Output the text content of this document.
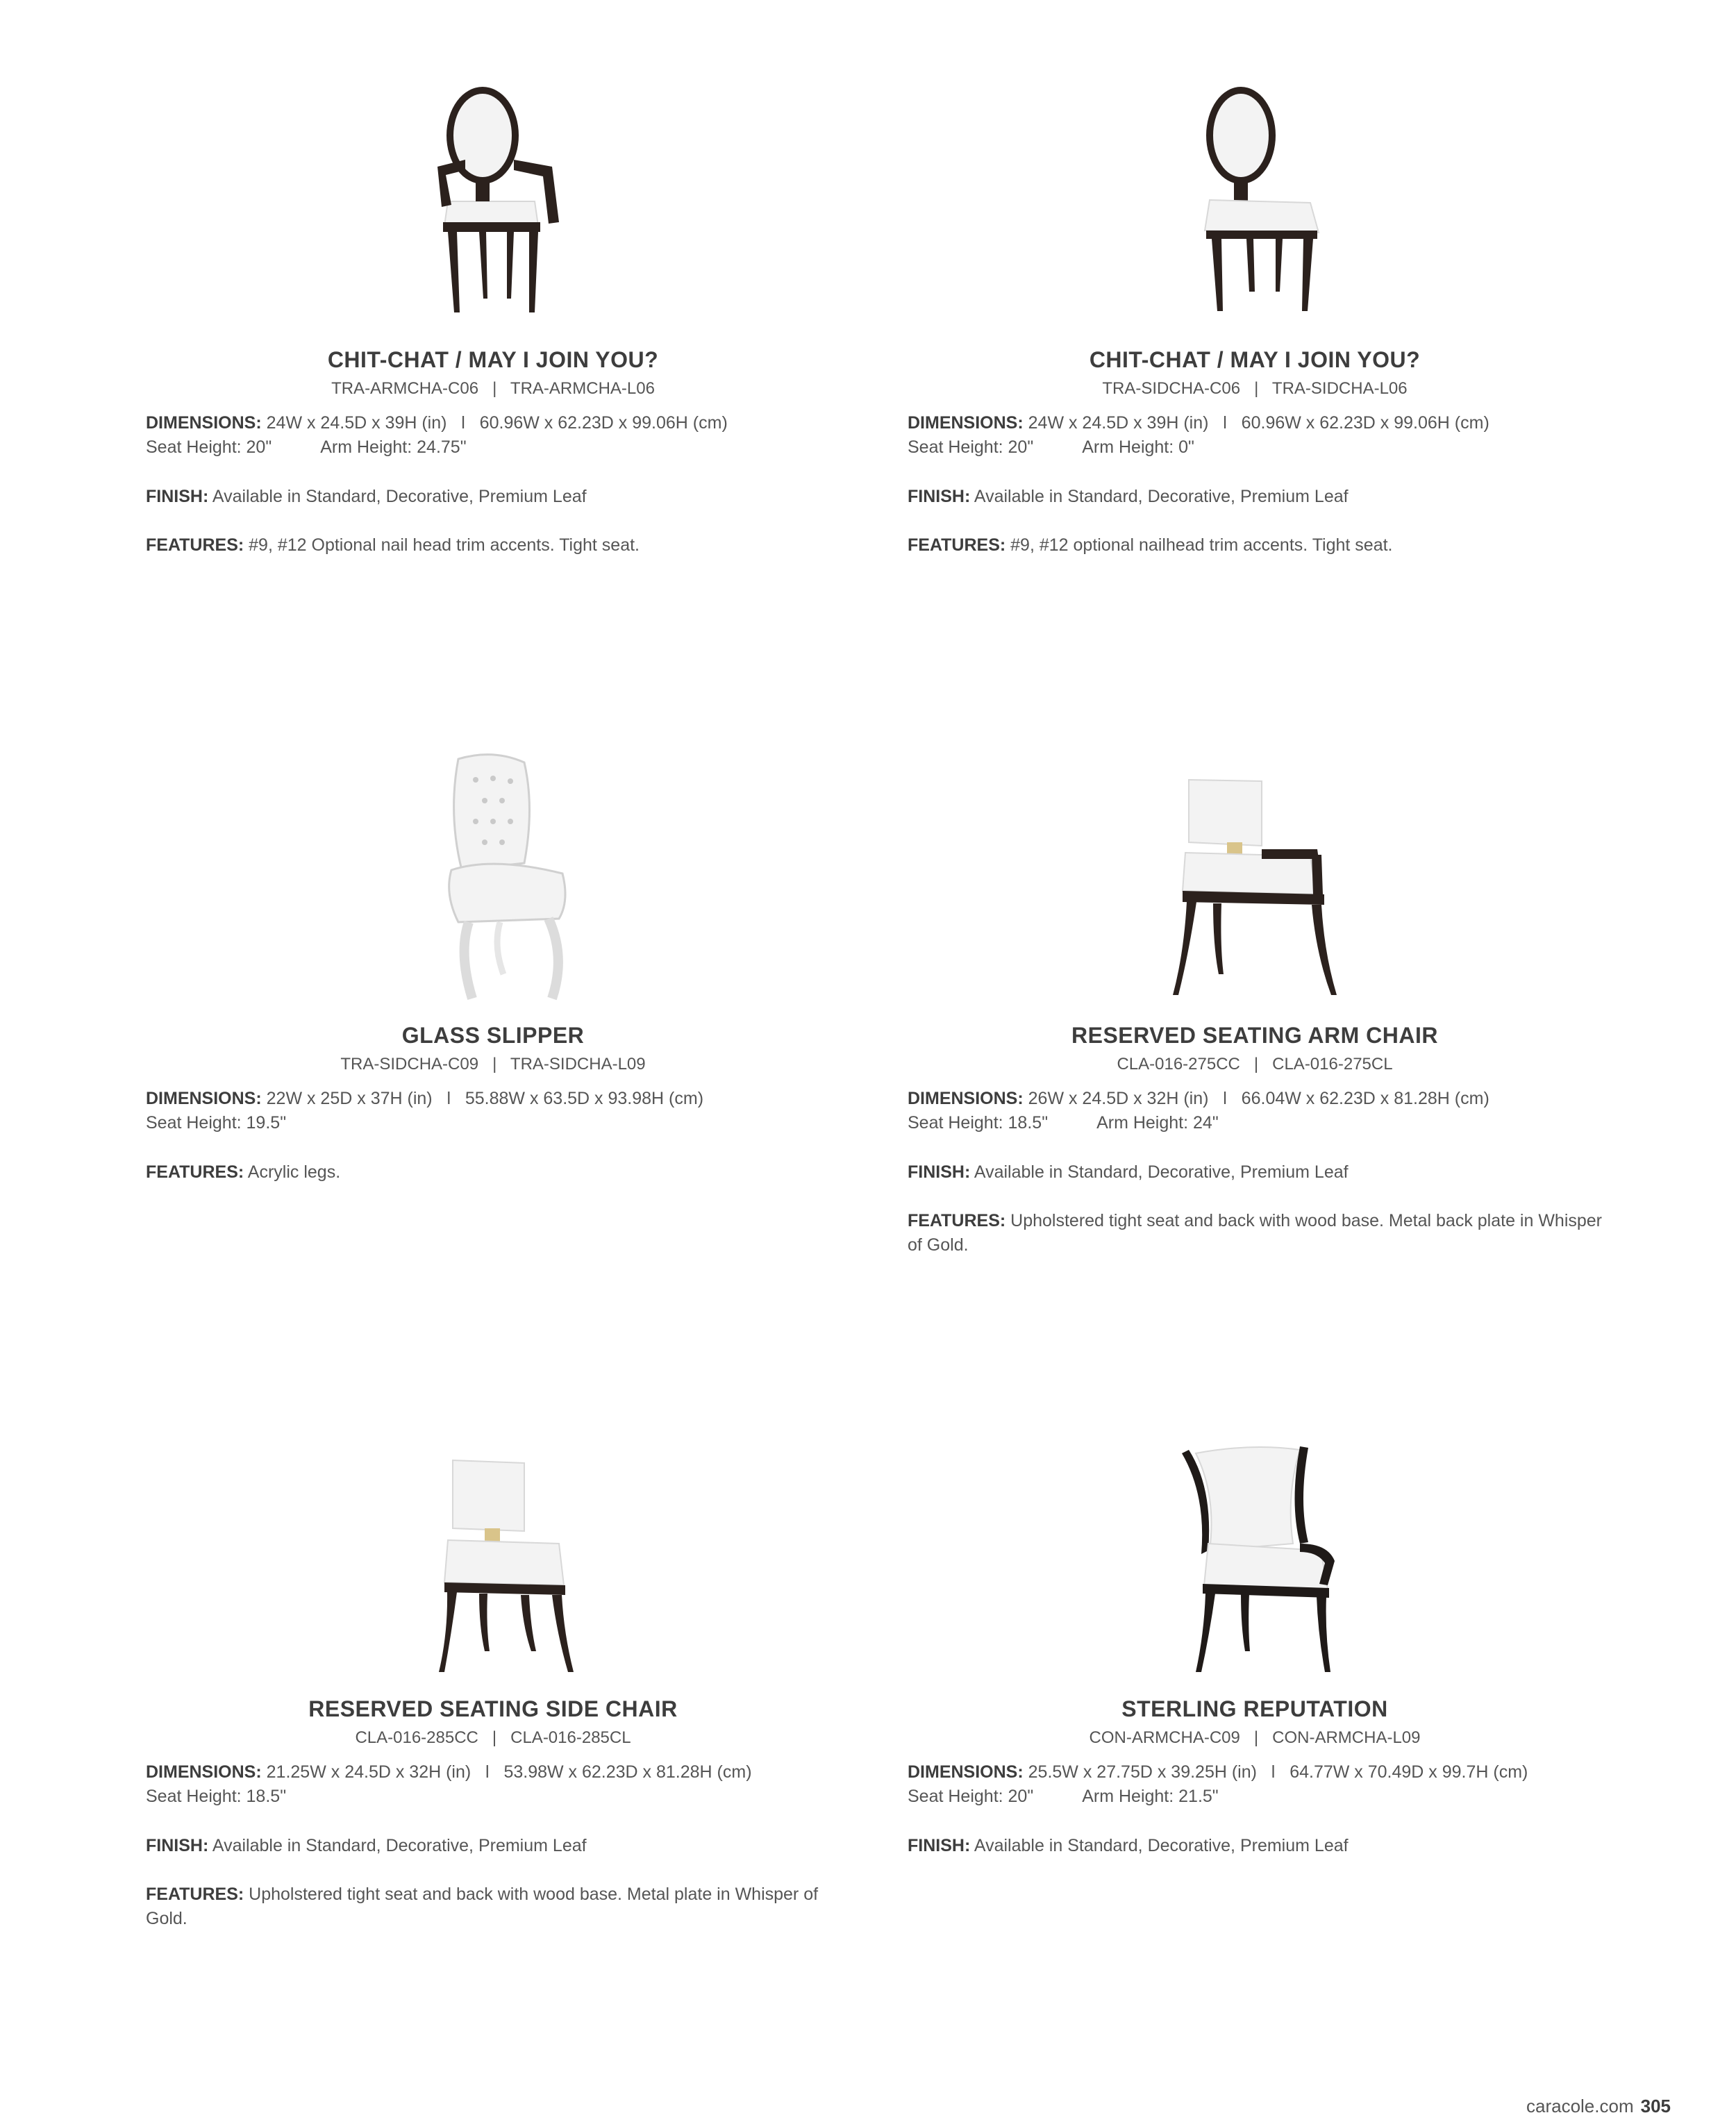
CHIT-CHAT / MAY I JOIN YOU?
TRA-ARMCHA-C06 | TRA-ARMCHA-L06
DIMENSIONS: 24W x 24.5D x 39H (in)   l   60.96W x 62.23D x 99.06H (cm)
Seat Height: 20"	Arm Height: 24.75"
FINISH: Available in Standard, Decorative, Premium Leaf
FEATURES: #9, #12 Optional nail head trim accents. Tight seat.
CHIT-CHAT / MAY I JOIN YOU?
TRA-SIDCHA-C06 | TRA-SIDCHA-L06
DIMENSIONS: 24W x 24.5D x 39H (in)   l   60.96W x 62.23D x 99.06H (cm)
Seat Height: 20"	Arm Height: 0"
FINISH: Available in Standard, Decorative, Premium Leaf
FEATURES: #9, #12 optional nailhead trim accents. Tight seat.
GLASS SLIPPER
TRA-SIDCHA-C09 | TRA-SIDCHA-L09
DIMENSIONS: 22W x 25D x 37H (in)   l   55.88W x 63.5D x 93.98H (cm)
Seat Height: 19.5"
FEATURES: Acrylic legs.
RESERVED SEATING ARM CHAIR
CLA-016-275CC | CLA-016-275CL
DIMENSIONS: 26W x 24.5D x 32H (in)   l   66.04W x 62.23D x 81.28H (cm)
Seat Height: 18.5"	Arm Height: 24"
FINISH: Available in Standard, Decorative, Premium Leaf
FEATURES: Upholstered tight seat and back with wood base. Metal back plate in Whisper of Gold.
RESERVED SEATING SIDE CHAIR
CLA-016-285CC | CLA-016-285CL
DIMENSIONS: 21.25W x 24.5D x 32H (in)   l   53.98W x 62.23D x 81.28H (cm)
Seat Height: 18.5"
FINISH: Available in Standard, Decorative, Premium Leaf
FEATURES: Upholstered tight seat and back with wood base. Metal plate in Whisper of Gold.
STERLING REPUTATION
CON-ARMCHA-C09 | CON-ARMCHA-L09
DIMENSIONS: 25.5W x 27.75D x 39.25H (in)   l   64.77W x 70.49D x 99.7H (cm)
Seat Height: 20"	Arm Height: 21.5"
FINISH: Available in Standard, Decorative, Premium Leaf
caracole.com 305
